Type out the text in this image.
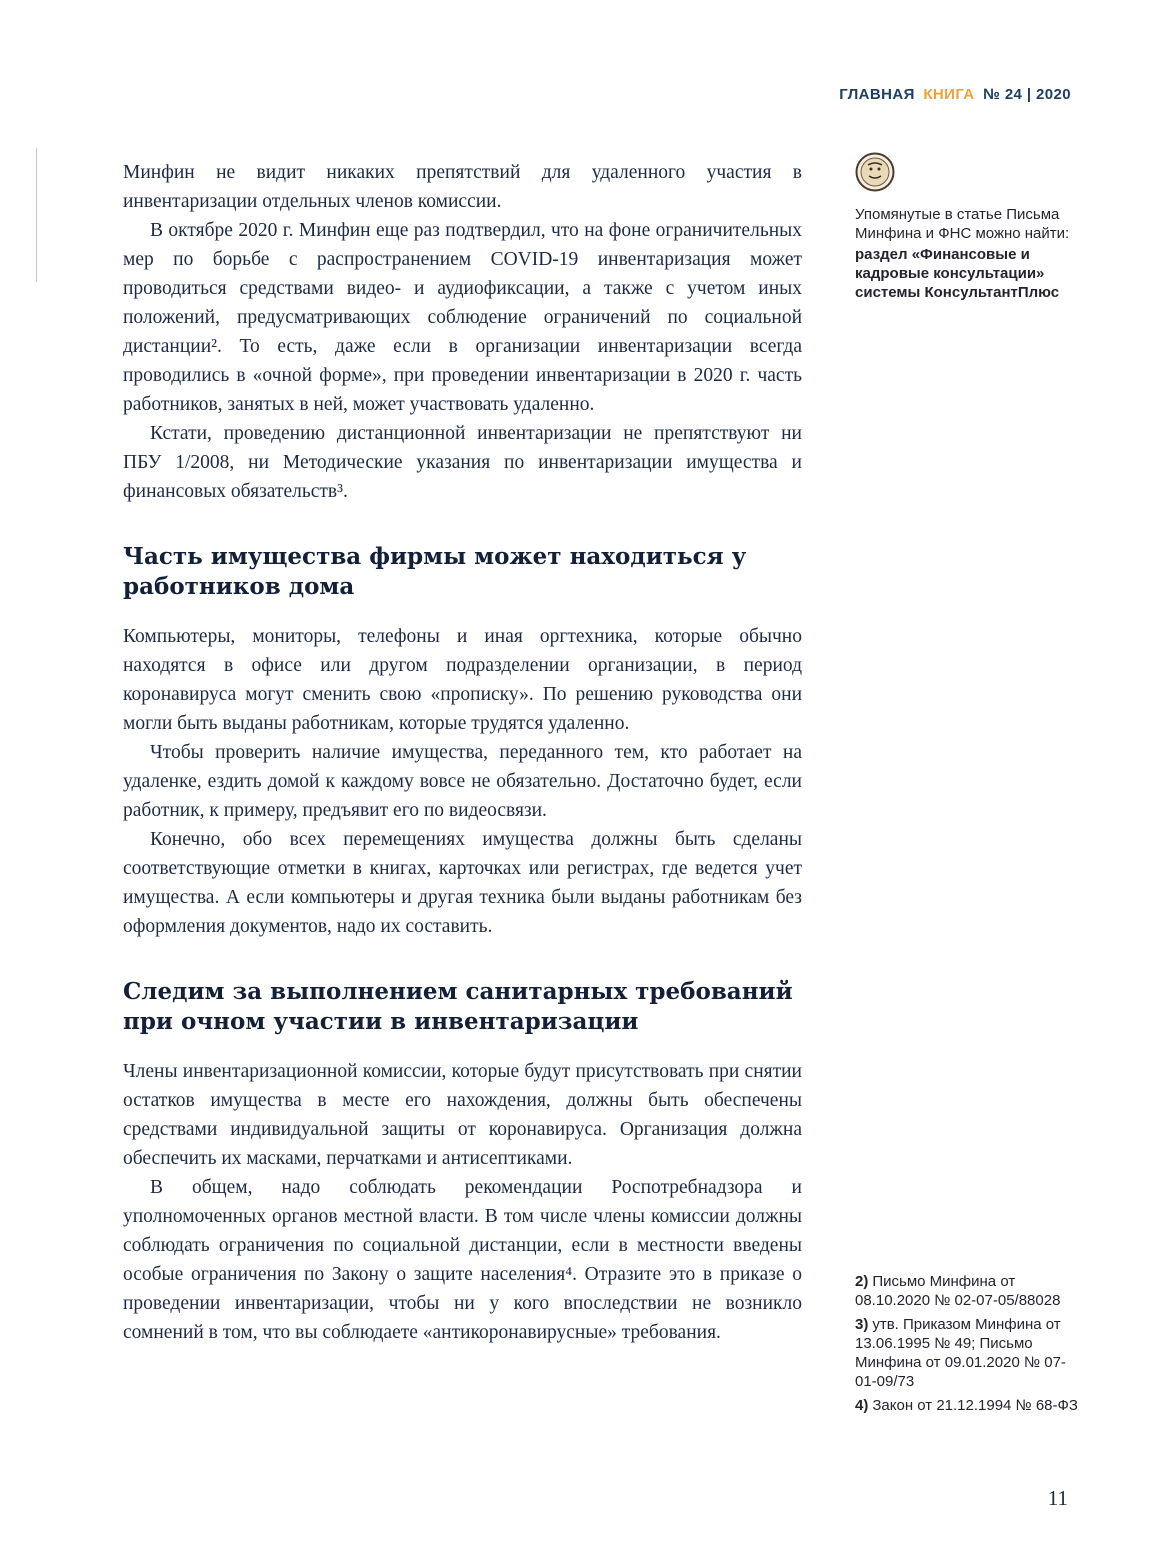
ГЛАВНАЯ КНИГА № 24 | 2020

Минфин не видит никаких препятствий для удаленного участия в инвентаризации отдельных членов комиссии.

В октябре 2020 г. Минфин еще раз подтвердил, что на фоне ограничительных мер по борьбе с распространением COVID-19 инвентаризация может проводиться средствами видео- и аудиофиксации, а также с учетом иных положений, предусматривающих соблюдение ограничений по социальной дистанции². То есть, даже если в организации инвентаризации всегда проводились в «очной форме», при проведении инвентаризации в 2020 г. часть работников, занятых в ней, может участвовать удаленно.

Кстати, проведению дистанционной инвентаризации не препятствуют ни ПБУ 1/2008, ни Методические указания по инвентаризации имущества и финансовых обязательств³.

Часть имущества фирмы может находиться у работников дома

Компьютеры, мониторы, телефоны и иная оргтехника, которые обычно находятся в офисе или другом подразделении организации, в период коронавируса могут сменить свою «прописку». По решению руководства они могли быть выданы работникам, которые трудятся удаленно.

Чтобы проверить наличие имущества, переданного тем, кто работает на удаленке, ездить домой к каждому вовсе не обязательно. Достаточно будет, если работник, к примеру, предъявит его по видеосвязи.

Конечно, обо всех перемещениях имущества должны быть сделаны соответствующие отметки в книгах, карточках или регистрах, где ведется учет имущества. А если компьютеры и другая техника были выданы работникам без оформления документов, надо их составить.

Следим за выполнением санитарных требований при очном участии в инвентаризации

Члены инвентаризационной комиссии, которые будут присутствовать при снятии остатков имущества в месте его нахождения, должны быть обеспечены средствами индивидуальной защиты от коронавируса. Организация должна обеспечить их масками, перчатками и антисептиками.

В общем, надо соблюдать рекомендации Роспотребнадзора и уполномоченных органов местной власти. В том числе члены комиссии должны соблюдать ограничения по социальной дистанции, если в местности введены особые ограничения по Закону о защите населения⁴. Отразите это в приказе о проведении инвентаризации, чтобы ни у кого впоследствии не возникло сомнений в том, что вы соблюдаете «антикоронавирусные» требования.

Упомянутые в статье Письма Минфина и ФНС можно найти:
раздел «Финансовые и кадровые консультации» системы КонсультантПлюс
2) Письмо Минфина от 08.10.2020 № 02-07-05/88028
3) утв. Приказом Минфина от 13.06.1995 № 49; Письмо Минфина от 09.01.2020 № 07-01-09/73
4) Закон от 21.12.1994 № 68-ФЗ
11
